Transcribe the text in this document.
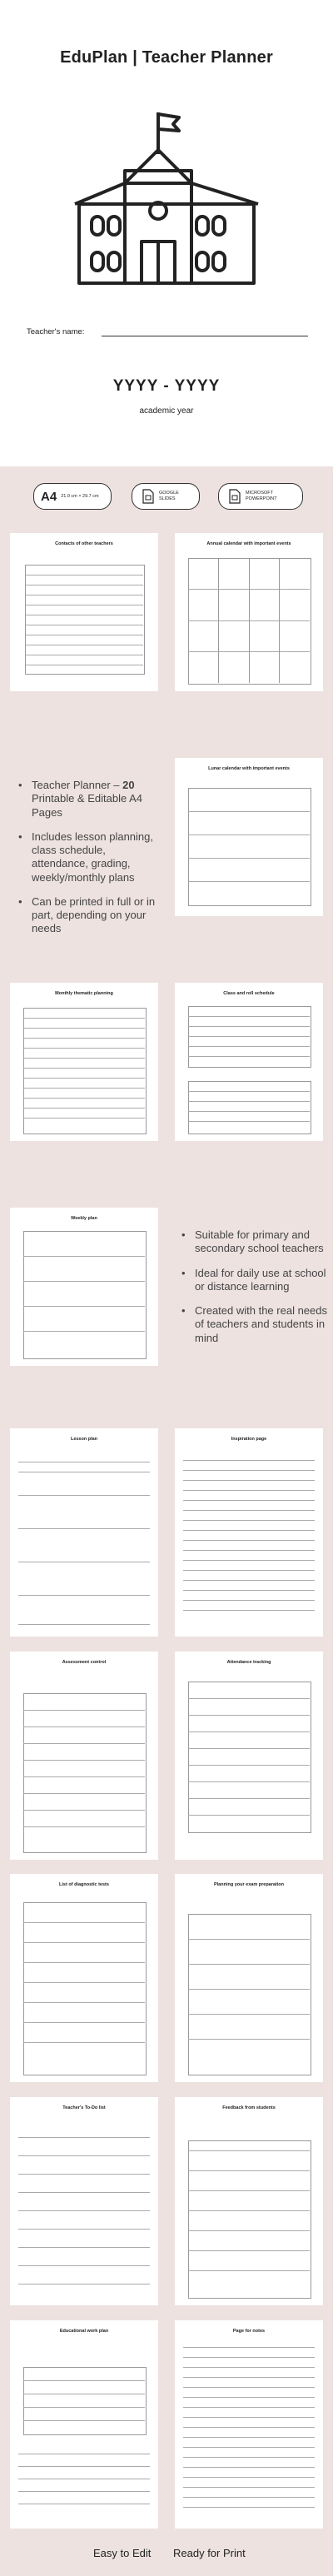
EduPlan | Teacher Planner
Teacher's name:
YYYY - YYYY
academic year
A4 21.0 cm × 29.7 cm
GOOGLE
SLIDES
MICROSOFT
POWERPOINT
Contacts of other teachers	Annual calendar with important events
• Teacher Planner – 20 Printable & Editable A4 Pages
• Includes lesson planning, class schedule, attendance, grading, weekly/monthly plans
• Can be printed in full or in part, depending on your needs
Lunar calendar with important events
Monthly thematic planning	Class and roll schedule
Weekly plan
• Suitable for primary and secondary school teachers
• Ideal for daily use at school or distance learning
• Created with the real needs of teachers and students in mind
Lesson plan	Inspiration page
Assessment control	Attendance tracking
List of diagnostic tests	Planning your exam preparation
Teacher's To-Do list	Feedback from students
Educational work plan	Page for notes
Easy to Edit Ready for Print
